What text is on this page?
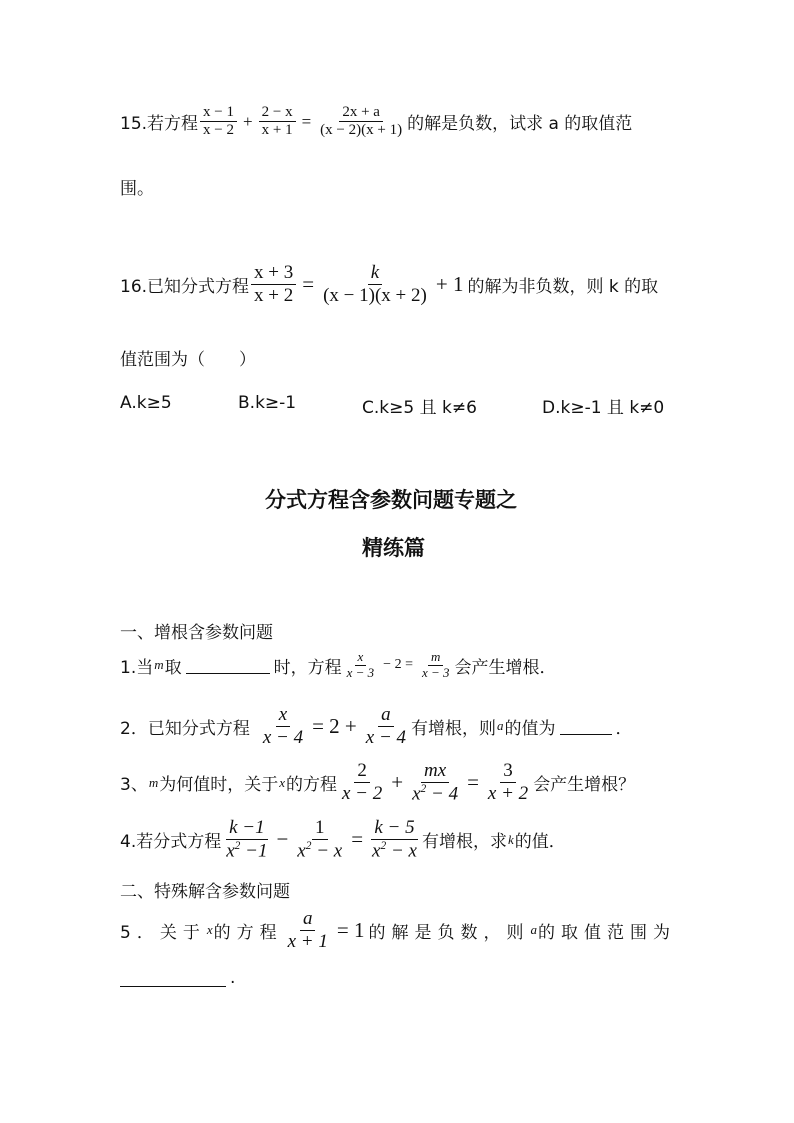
15.若方程 $\frac{x - 1}{x - 2} + \frac{2 - x}{x + 1} = \frac{2x + a}{(x - 2)(x + 1)}$ 的解是负数，试求 a 的取值范
围。
16.已知分式方程 $\frac{x + 3}{x + 2} = \frac{k}{(x - 1)(x + 2)} + 1$ 的解为非负数，则 k 的取
值范围为（　　）
A.k≥5	B.k≥-1	C.k≥5 且 k≠6	D.k≥-1 且 k≠0
分式方程含参数问题专题之
精练篇
一、增根含参数问题
1.当 m 取	时，方程 $\frac{x}{x - 3} - 2 = \frac{m}{x - 3}$ 会产生增根．
2．已知分式方程 $\frac{x}{x - 4} = 2 + \frac{a}{x - 4}$ 有增根，则 a 的值为	．
3、 m 为何值时，关于 x 的方程 $\frac{2}{x - 2} + \frac{mx}{x^2 - 4} = \frac{3}{x + 2}$ 会产生增根？
4.若分式方程 $\frac{k -1}{x^2 -1} - \frac{1}{x^2 - x} = \frac{k - 5}{x^2 - x}$ 有增根，求 k 的值．
二、特殊解含参数问题
5．关于 x 的方程 $\frac{a}{x + 1} = 1$ 的解是负数，则 a 的取值范围为
.
